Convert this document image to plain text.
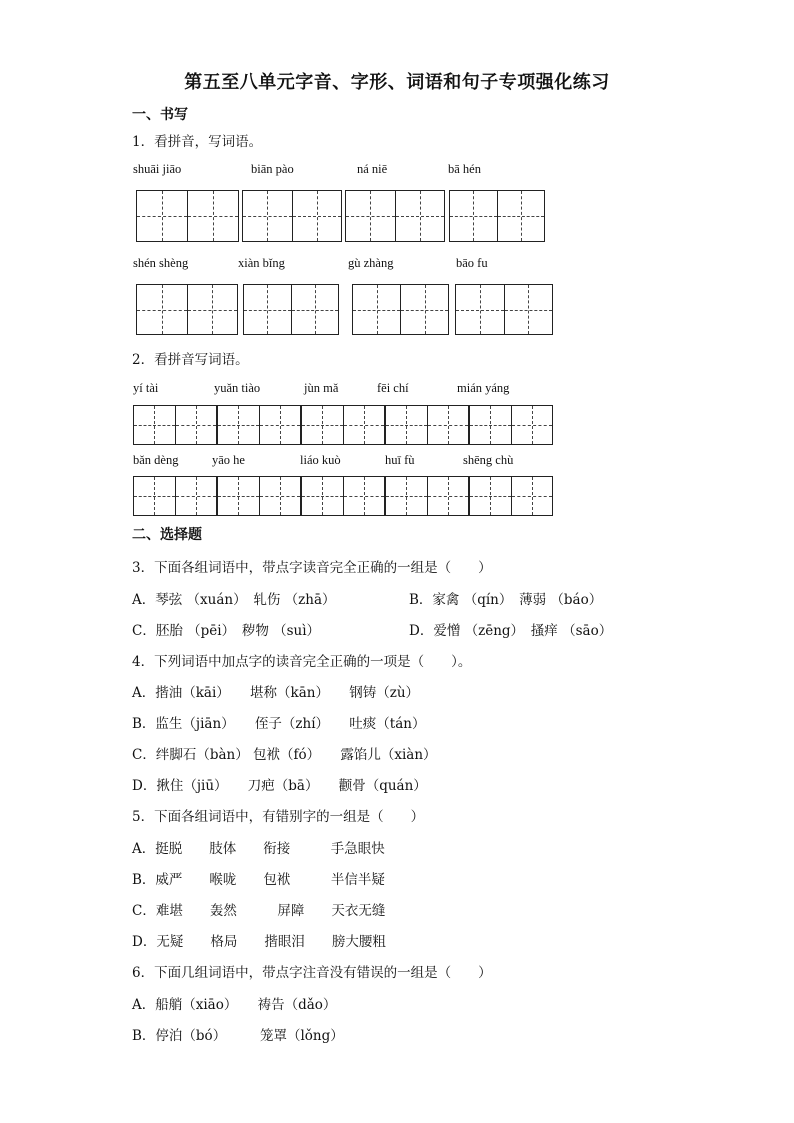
第五至八单元字音、字形、词语和句子专项强化练习
一、书写
1．看拼音，写词语。
shuāi jiāo	biān pào	ná niē	bā hén
shén shèng	xiàn bǐng	gù zhàng	bāo fu
2．看拼音写词语。
yí tài	yuǎn tiào	jùn mǎ	fēi chí	mián yáng
bǎn dèng	yāo he	liáo kuò	huī fù	shēng chù
二、选择题
3．下面各组词语中，带点字读音完全正确的一组是（　　）
A．琴弦 （xuán）　轧伤 （zhā）	B．家禽 （qín）　薄弱 （báo）
C．胚胎 （pēi）　秽物 （suì）	D．爱憎 （zēng）　搔痒 （sāo）
4．下列词语中加点字的读音完全正确的一项是（　　）。
A．揩油（kāi）　　堪称（kān）　　钢铸（zù）
B．监生（jiān）　　侄子（zhí）　　吐痰（tán）
C．绊脚石（bàn） 包袱（fó）　　露馅儿（xiàn）
D．揪住（jiū）　　刀疤（bā）　　颧骨（quán）
5．下面各组词语中，有错别字的一组是（　　）
A．挺脱　　肢体　　衔接　　　手急眼快
B．威严　　喉咙　　包袱　　　半信半疑
C．难堪　　轰然　　　屏障　　天衣无缝
D．无疑　　格局　　揩眼泪　　膀大腰粗
6．下面几组词语中，带点字注音没有错误的一组是（　　）
A．船艄（xiāo）　　祷告（dǎo）
B．停泊（bó）　　　笼罩（lǒng）
